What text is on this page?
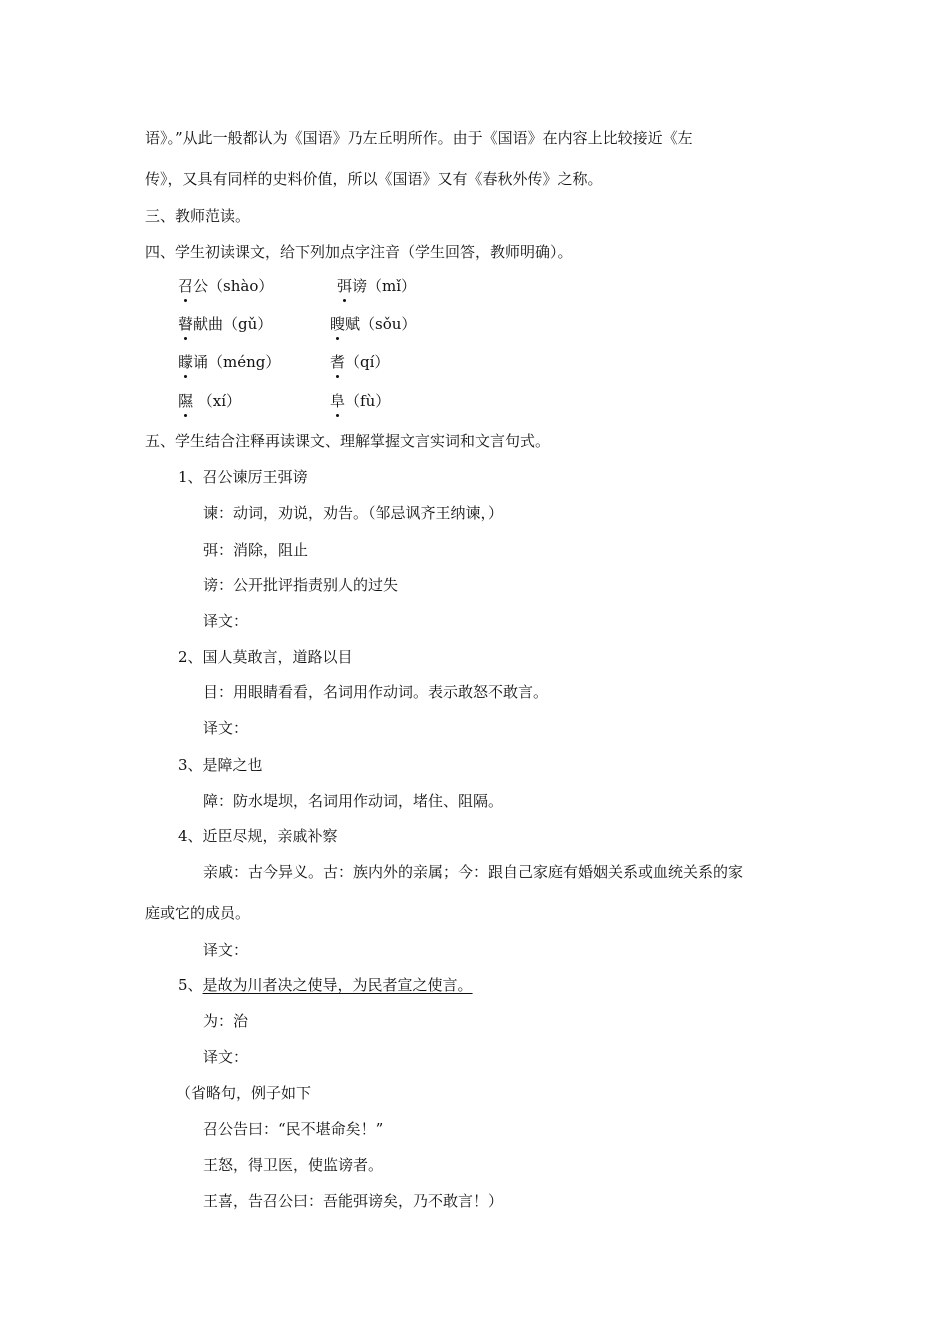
语》。”从此一般都认为《国语》乃左丘明所作。由于《国语》在内容上比较接近《左
传》，又具有同样的史料价值，所以《国语》又有《春秋外传》之称。
三、教师范读。
四、学生初读课文，给下列加点字注音（学生回答，教师明确）。
召公（shào）	弭谤（mǐ）
瞽献曲（gǔ）	瞍赋（sǒu）
矇诵（méng）	耆（qí）
隰 （xí）	阜（fù）
五、学生结合注释再读课文、理解掌握文言实词和文言句式。
1、召公谏厉王弭谤
谏：动词，劝说，劝告。（邹忌讽齐王纳谏，）
弭：消除，阻止
谤：公开批评指责别人的过失
译文：
2、国人莫敢言，道路以目
目：用眼睛看看，名词用作动词。表示敢怒不敢言。
译文：
3、是障之也
障：防水堤坝，名词用作动词，堵住、阻隔。
4、近臣尽规，亲戚补察
亲戚：古今异义。古：族内外的亲属；今：跟自己家庭有婚姻关系或血统关系的家
庭或它的成员。
译文：
5、是故为川者决之使导，为民者宣之使言。
为：治
译文：
（省略句，例子如下
召公告曰：“民不堪命矣！”
王怒，得卫医，使监谤者。
王喜，告召公曰：吾能弭谤矣，乃不敢言！）
